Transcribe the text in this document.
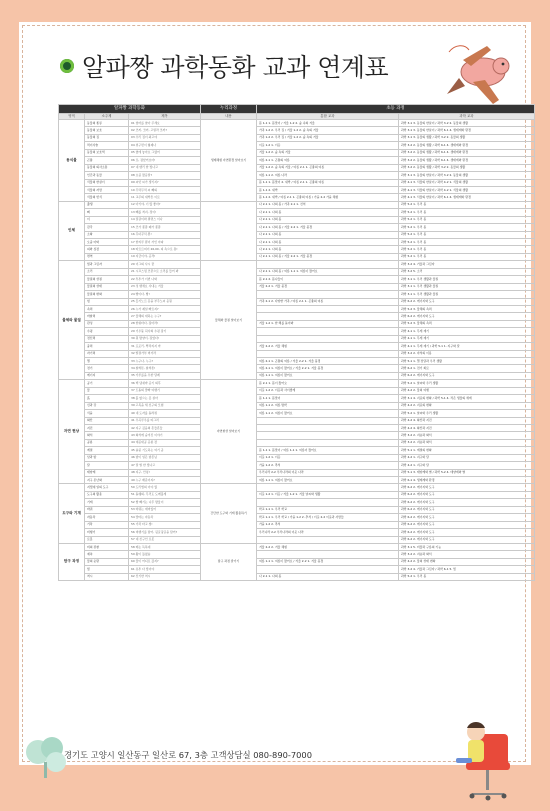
알파짱 과학동화 교과 연계표
알파짱 과학동화			누리과정	초등 과정	
영역	소주제	제목	내용	통합 교과	과학 교과
동식물	동물의 종류	01 엄마를 찾아 주세요	생태체험 자연환경 알아보기	봄 1-1 1. 봄맞이 / 겨울 1-2 2. 숲 속의 겨울	과학 3-1 3. 동물의 한살이 / 과학 3-2 2. 동물의 생활
	동물의 보호	02 코끼, 코끼, 고릴라 코끼?		가족 1-2 2. 우리 집 / 겨울 1-2 2. 숲 속의 겨울	과학 3-1 3. 동물의 한살이 / 과학 6-1 4. 생태계와 환경
	동물의 집	03 우리 집이 최고야		가족 1-2 2. 우리 집 / 겨울 1-2 2. 숲 속의 겨울	과학 3-1 3. 동물의 생활 / 과학 3-2 2. 동물의 생활
	먹이사슬	04 위구떤이 형제나		이웃 1-2 1. 이웃	과학 3-2 2. 동물의 생활 / 과학 6-1 4. 생태계와 환경
	동물의 보호색	05 옆에 놓아요 그렸어		겨울 1-2 2. 숲 속의 겨울	과학 3-2 2. 동물의 생활 / 과학 6-1 4. 생태계와 환경
	곤충	06 또, 잡았어보아!		여름 2-1 1. 곤충의 여름	과학 3-2 2. 동물의 생활 / 과학 6-1 4. 생태계와 환경
	동물의 의사소통	07 내 맨리 한 빛나고		겨울 1-2 2. 숲 속의 겨울 / 여름 2-1 1. 곤충의 여름	과학 3-2 2. 동물의 생활 / 과학 3-2 2. 동물의 생활
	인간과 동물	08 요즘 왔응말?		여름 1-1 2. 여름 나라	과학 3-1 3. 동물의 한살이 / 과학 3-2 2. 동물의 생활
	식물의 한살이	09 씨앗 씨가 생기지?		봄 1-1 1. 봄맞이 2. 새싹 / 여름 2-1 1. 곤충의 여름	과학 4-1 3. 식물의 한살이 / 과학 4-2 1. 식물의 생활
	식물의 자람	10 무럭무럭 씨 빼의		봄 1-1 2. 새싹	과학 4-1 3. 식물의 한살이 / 과학 4-2 1. 식물의 생활
	식물의 번식	11 교주의 새싹튼 이로		봄 1-1 2. 새싹 / 여름 2-1 1. 곤충의 여름 / 가을 2-2 가을 체험	과학 4-1 3. 식물의 한살이 / 과학 6-1 4. 생태계와 환경
인체	출생	12 아기야, 너 많 좋아?		나 2-1 1. 나의 몸 / 가족 2-1 1. 친척	과학 5-2 1. 우리 몸
	뼈	13 빼를 척지, 정이!		나 2-1 1. 나의 몸	과학 5-2 1. 우리 몸
	이	14 달걀이와 뮈면스 이나		나 2-1 1. 나의 몸	과학 5-2 1. 우리 몸
	감각	15 코가 쫑쫑 페가 쫑쫑		나 2-1 1. 나의 몸 / 겨울 2-2 1. 겨울 풍경	과학 5-2 1. 우리 몸
	소화	16 꾸더꾸덕 뿐!		나 2-1 1. 나의 몸	과학 5-2 1. 우리 몸
	오줌 아와	17 한지루 뿐이 거인 아파		나 2-1 1. 나의 몸	과학 5-2 1. 우리 몸
	피와 심장	18 따르르띠이 26,00, 피 속으로 통!		나 2-1 1. 나의 몸	과학 5-2 1. 우리 몸
	면역	19 지금이야, 공격!		나 2-1 1. 나의 몸 / 겨울 2-2 1. 겨울 풍경	과학 5-2 1. 우리 몸
물체와 물질	빛과 그림자	20 이그의 사시 꿈	물체와 물질 알아보기		과학 3-2 4. 거울과 그림자
	소리	21 시끄스럽 코끝으로 소리를 들어 봐		나 2-1 1. 나의 몸 / 여름 1-1 1. 여름이 왔어요	과학 3-2 5. 소리
	물질의 상질	22 투투가 이번 나와		봄 2-1 2. 봄나들이	과학 3-1 1. 우리 생활과 물질
	물질의 상태	23 성 행세요 사내는 겨울		겨울 2-2 1. 겨울 풍경	과학 3-1 1. 우리 생활과 물질
	물질의 변화	24 빵이다, 빵!			과학 3-1 1. 우리 생활과 물질
	힘	25 흥기노르 문을 부주노씨 응원		가족 2-1 2. 다양한 가족 / 여름 2-1 1. 곤충의 여름	과학 6-2 2. 에너지와 도구
	속력	26 누가 제일 빠르지?			과학 5-2 3. 물체의 속력
	마찰력	27 물체의 대하는 누구?			과학 6-2 2. 에너지와 도구
	관성	28 한쉬타다, 잡아라!		겨울 1-2 1. 한 해를 돌아봐	과학 5-2 3. 물체의 속력
	수평	29 기우뚱 픽사의 수평 잡기			과학 4-1 1. 무게 재기
	전신력	30 원 방양이, 잡았다!			과학 4-1 1. 무게 재기
	중력	31 포포리, 뿌라지지 마		겨울 2-2 2. 겨울 체험	과학 4-1 1. 무게 재기 / 과학 5-1 1. 지구와 달
	자기력	32 딸결가부 버거라			과학 3-2 2. 자석의 이용
	열	33 누구나, 누구?		여름 2-1 1. 곤충의 여름 / 겨울 2-2 1. 겨울 풍경	과학 5-1 1. 열 전달과 우리 생활
	전기	34 찰싸톤, 찰싸톤!		여름 2-1 1. 여름이 왔어요 / 겨울 2-2 1. 겨울 풍경	과학 6-2 1. 전기 회로
	에너지	35 가루를을 우한 달레		여름 1-1 1. 여름이 왔어요	과학 6-2 2. 에너지와 도구
자연 현상	공기	36 백 냄새바 공기 의후	자연현상 알아보기	봄 2-1 1. 봄이 왔어요	과학 5-2 1. 날씨와 우리 생활
	물	37 트돌의 맘빠 여행기		이웃 1-2 2. 이웃과 사이좋게	과학 4-2 2. 물의 여행
	흙	38 흙 없으는 못 살아		봄 1-1 1. 봄맞이	과학 3-1 4. 지표의 변화 / 과학 5-1 4. 작은 생물의 세계
	신과 강	39 고목을 세 친구의 모험		여름 1-1 2. 여름 방학	과학 4-2 2. 지표의 변화
	식을	40 내 도자를 돌려줘		여름 1-1 2. 여름이 왔어요	과학 5-2 1. 날씨와 우리 생활
	화산	41 우곡루우를 띠그러			과학 4-2 4. 화산과 지진
	지진	42 지구 깊음의 흔들흔들			과학 4-2 4. 화산과 지진
	화석	43 화석에 숨겨진 이야기			과학 3-2 2. 지층과 화석
	공룡	44 대공대공 공룡 장			과학 3-2 2. 지층과 화석
	계절	45 솔중 기도하는 여기 곰		봄 1-1 1. 봄맞이 / 여름 1-1 1. 여름이 왔어요	과학 5-1 1. 계절의 변화
	낮과 밤	46 밤이 일은 밤몬님		이웃 1-2 1. 이웃	과학 4-2 1. 지구와 달
	달	47 달 벌 한 빛나고		가을 1-2 2. 추석	과학 4-2 1. 지구와 달
	태양계	48 지구, 안녕!		우리나라 2-2 우리나라의 이웃 나라	과학 5-1 3. 태양계와 별 / 과학 5-2 4. 태양계와 별
	지구 온난화	49 누구 배준이지?		여름 1-1 1. 여름이 왔어요	과학 6-1 4. 생태계와 환경
도구와 기계	지렛대 일의 도구	50 도리법의 이야 뭘	간단한 도구와 기계 활용하기		과학 6-2 2. 에너지와 도구
	도구의 활용	51 돌쉐의, 무리도 도깨볼게		이웃 1-2 1. 이웃 / 겨울 1-2 1. 겨울 날씨와 생활	과학 6-2 2. 에너지와 도구
	기계	52 쌍 빼기는 나무 방울이			과학 6-2 2. 에너지와 도구
	바퀴	53 바퀴는 재미있어		학교 1-1 1. 우리 학교	과학 6-2 2. 에너지와 도구
	자동차	54 맘타는 자동차		학교 1-1 1. 우리 학교 / 가을 1-2 2. 추석 / 이웃 2-2 이웃과 사람들	과학 6-2 2. 에너지와 도구
	기차	55 기차 타고 씽!		가을 1-2 2. 추석	과학 6-2 2. 에너지와 도구
	비행기	56 비행기를 탐어, 핑글핑글을 탐어?		우리나라 2-2 우리나라의 이웃 나라	과학 6-2 2. 에너지와 도구
	로봇	57 네 친구인 로봇			과학 6-2 2. 에너지와 도구
탐구 과정	비의 관찰	58 베는 독하네	탐구 과정 즐기기	겨울 2-2 2. 겨울 체험	과학 3-1 5. 비물과 구름의 기능
	예측	59 왕이 틀렸습			과학 3-2 2. 지층과 화석
	물의 순환	60 물이 어디로 갔지?		여름 1-1 1. 여름이 왔어요 / 겨울 2-2 1. 겨울 풍경	과학 4-2 2. 물의 상태 변화
	빛	61 유투 다 빛이야			과학 3-2 4. 거울과 그림자 / 과학 6-1 5. 빛
	척시	62 신기한 척시		나 2-1 1. 나의 몸	과학 5-2 1. 우리 몸
경기도 고양시 일산동구 일산로 67, 3층 고객상담실 080-890-7000
